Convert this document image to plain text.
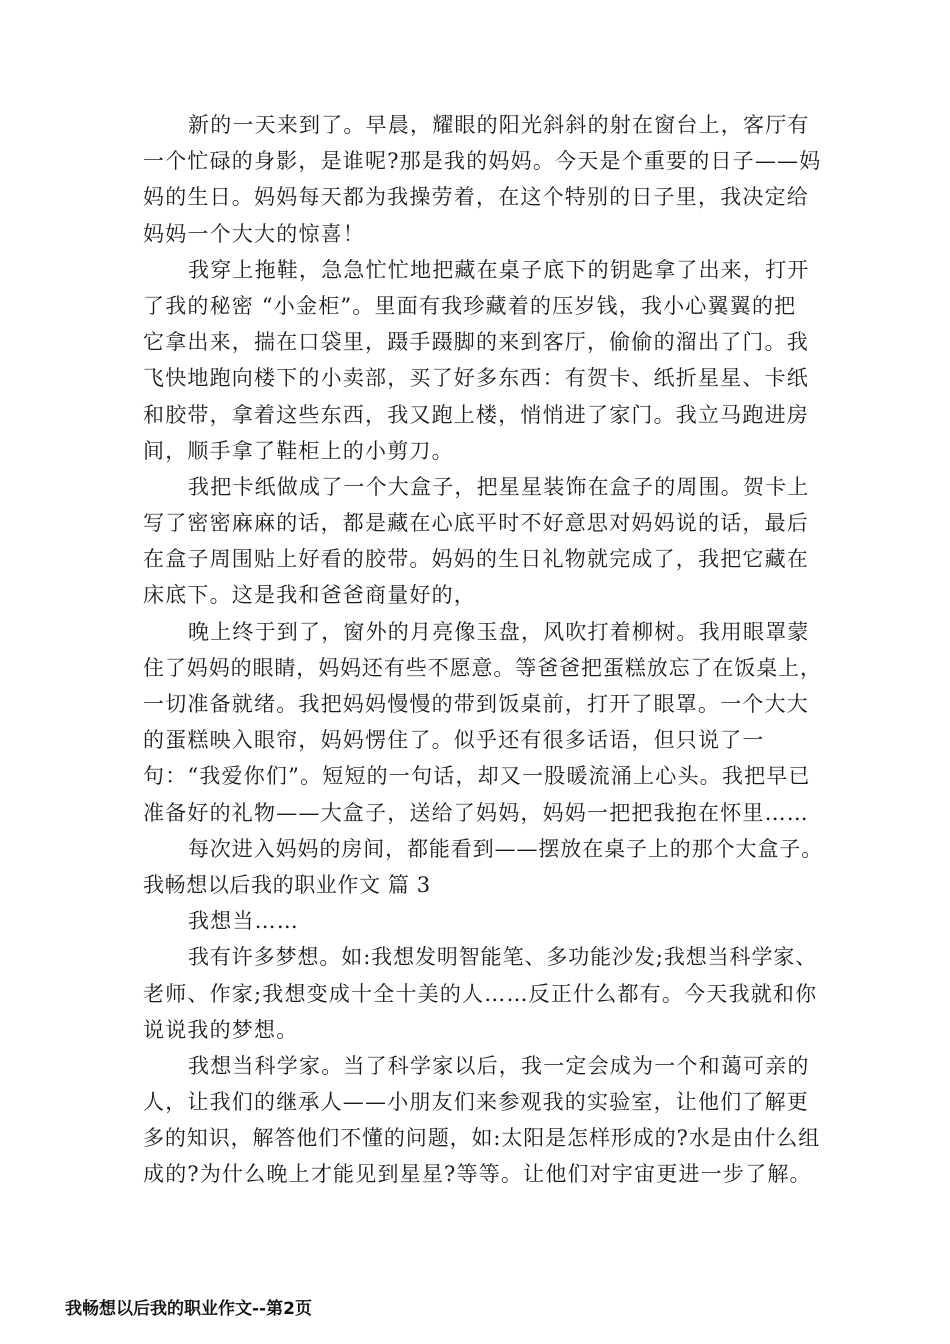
新的一天来到了。早晨，耀眼的阳光斜斜的射在窗台上，客厅有
一个忙碌的身影，是谁呢?那是我的妈妈。今天是个重要的日子——妈
妈的生日。妈妈每天都为我操劳着，在这个特别的日子里，我决定给
妈妈一个大大的惊喜！
我穿上拖鞋，急急忙忙地把藏在桌子底下的钥匙拿了出来，打开
了我的秘密 “小金柜”。里面有我珍藏着的压岁钱，我小心翼翼的把
它拿出来，揣在口袋里，蹑手蹑脚的来到客厅，偷偷的溜出了门。我
飞快地跑向楼下的小卖部，买了好多东西：有贺卡、纸折星星、卡纸
和胶带，拿着这些东西，我又跑上楼，悄悄进了家门。我立马跑进房
间，顺手拿了鞋柜上的小剪刀。
我把卡纸做成了一个大盒子，把星星装饰在盒子的周围。贺卡上
写了密密麻麻的话，都是藏在心底平时不好意思对妈妈说的话，最后
在盒子周围贴上好看的胶带。妈妈的生日礼物就完成了，我把它藏在
床底下。这是我和爸爸商量好的，
晚上终于到了，窗外的月亮像玉盘，风吹打着柳树。我用眼罩蒙
住了妈妈的眼睛，妈妈还有些不愿意。等爸爸把蛋糕放忘了在饭桌上，
一切准备就绪。我把妈妈慢慢的带到饭桌前，打开了眼罩。一个大大
的蛋糕映入眼帘，妈妈愣住了。似乎还有很多话语，但只说了一
句：“我爱你们”。短短的一句话，却又一股暖流涌上心头。我把早已
准备好的礼物——大盒子，送给了妈妈，妈妈一把把我抱在怀里……
每次进入妈妈的房间，都能看到——摆放在桌子上的那个大盒子。
我畅想以后我的职业作文 篇 3
我想当……
我有许多梦想。如:我想发明智能笔、多功能沙发;我想当科学家、
老师、作家;我想变成十全十美的人……反正什么都有。今天我就和你
说说我的梦想。
我想当科学家。当了科学家以后，我一定会成为一个和蔼可亲的
人，让我们的继承人——小朋友们来参观我的实验室，让他们了解更
多的知识，解答他们不懂的问题，如:太阳是怎样形成的?水是由什么组
成的?为什么晚上才能见到星星?等等。让他们对宇宙更进一步了解。
我畅想以后我的职业作文--第2页
